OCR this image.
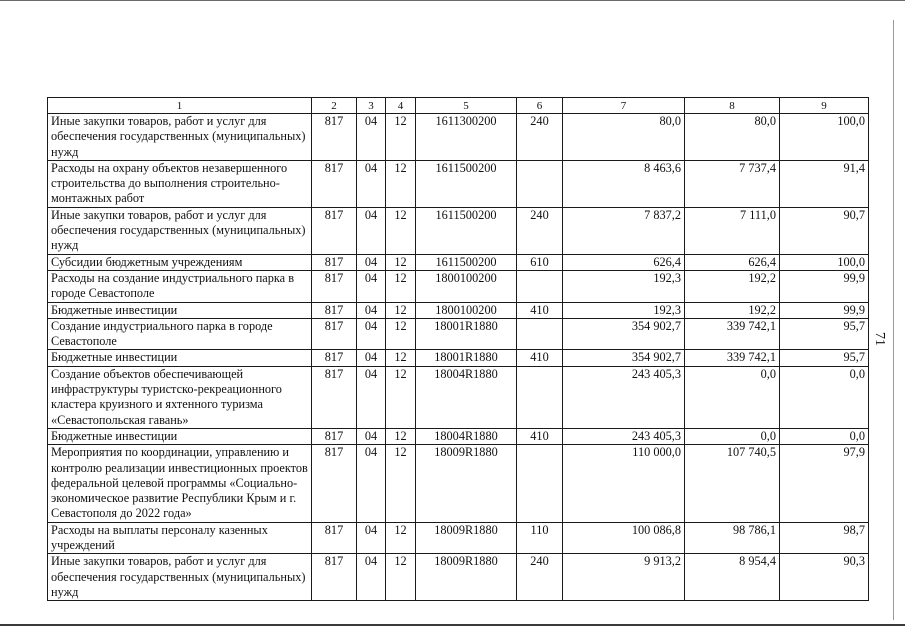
71
1	2	3	4	5	6	7	8	9
Иные закупки товаров, работ и услуг для обеспечения государственных (муниципальных) нужд	817	04	12	1611300200	240	80,0	80,0	100,0
Расходы на охрану объектов незавершенного строительства до выполнения строительно-монтажных работ	817	04	12	1611500200		8 463,6	7 737,4	91,4
Иные закупки товаров, работ и услуг для обеспечения государственных (муниципальных) нужд	817	04	12	1611500200	240	7 837,2	7 111,0	90,7
Субсидии бюджетным учреждениям	817	04	12	1611500200	610	626,4	626,4	100,0
Расходы на создание индустриального парка в городе Севастополе	817	04	12	1800100200		192,3	192,2	99,9
Бюджетные инвестиции	817	04	12	1800100200	410	192,3	192,2	99,9
Создание индустриального парка в городе Севастополе	817	04	12	18001R1880		354 902,7	339 742,1	95,7
Бюджетные инвестиции	817	04	12	18001R1880	410	354 902,7	339 742,1	95,7
Создание объектов обеспечивающей инфраструктуры туристско-рекреационного кластера круизного и яхтенного туризма «Севастопольская гавань»	817	04	12	18004R1880		243 405,3	0,0	0,0
Бюджетные инвестиции	817	04	12	18004R1880	410	243 405,3	0,0	0,0
Мероприятия по координации, управлению и контролю реализации инвестиционных проектов федеральной целевой программы «Социально-экономическое развитие Республики Крым и г. Севастополя до 2022 года»	817	04	12	18009R1880		110 000,0	107 740,5	97,9
Расходы на выплаты персоналу казенных учреждений	817	04	12	18009R1880	110	100 086,8	98 786,1	98,7
Иные закупки товаров, работ и услуг для обеспечения государственных (муниципальных) нужд	817	04	12	18009R1880	240	9 913,2	8 954,4	90,3
